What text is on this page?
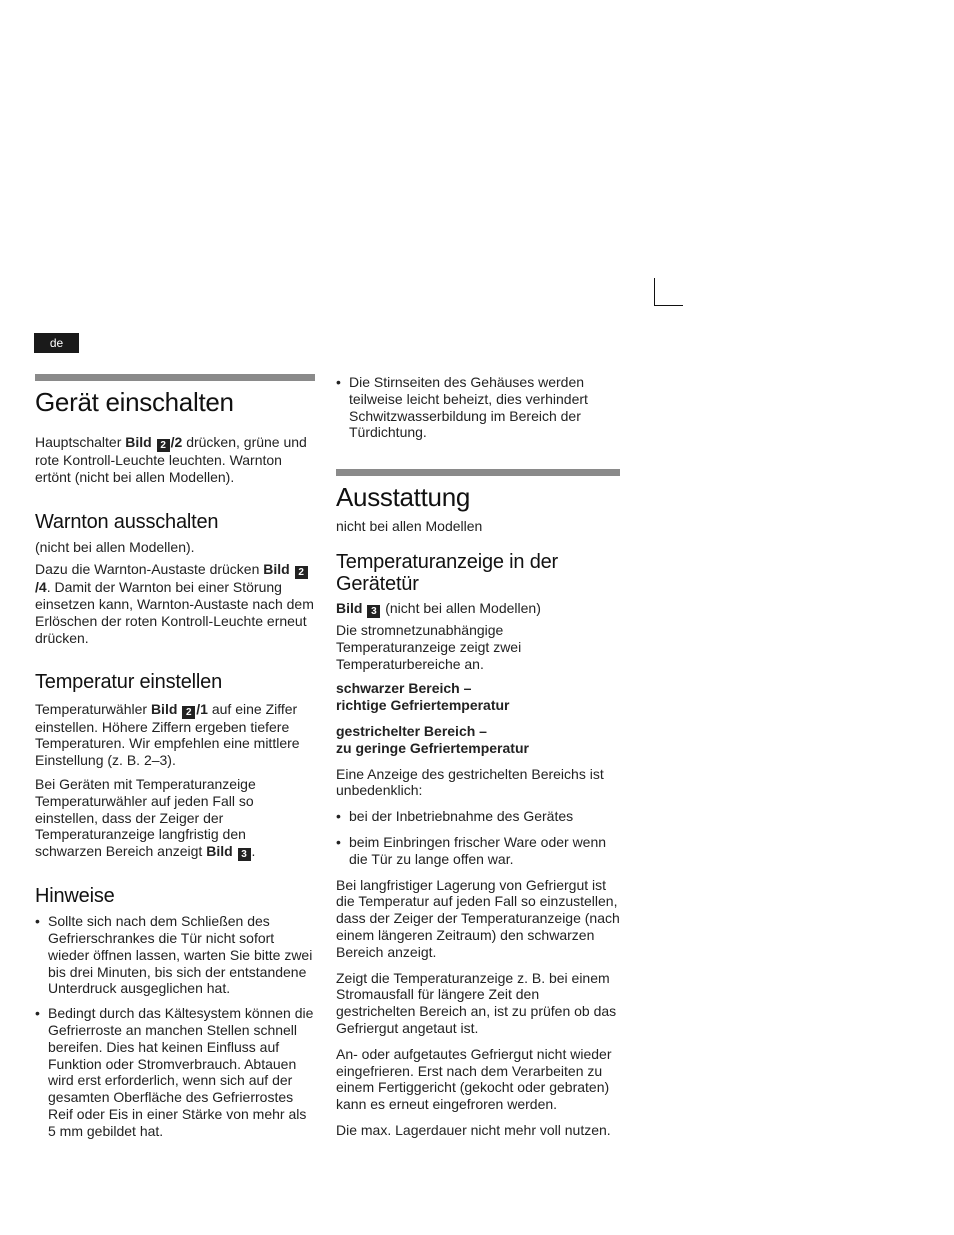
de
Gerät einschalten

Hauptschalter Bild 2 /2 drücken, grüne und rote Kontroll-Leuchte leuchten. Warnton ertönt (nicht bei allen Modellen).

Warnton ausschalten

(nicht bei allen Modellen).

Dazu die Warnton-Austaste drücken Bild 2/4. Damit der Warnton bei einer Störung einsetzen kann, Warnton-Austaste nach dem Erlöschen der roten Kontroll-Leuchte erneut drücken.

Temperatur einstellen

Temperaturwähler Bild 2 /1 auf eine Ziffer einstellen. Höhere Ziffern ergeben tiefere Temperaturen. Wir empfehlen eine mittlere Einstellung (z. B. 2–3).

Bei Geräten mit Temperaturanzeige Temperaturwähler auf jeden Fall so einstellen, dass der Zeiger der Temperaturanzeige langfristig den schwarzen Bereich anzeigt Bild 3 .

Hinweise
• Sollte sich nach dem Schließen des Gefrierschrankes die Tür nicht sofort wieder öffnen lassen, warten Sie bitte zwei bis drei Minuten, bis sich der entstandene Unterdruck ausgeglichen hat.
• Bedingt durch das Kältesystem können die Gefrierroste an manchen Stellen schnell bereifen. Dies hat keinen Einfluss auf Funktion oder Stromverbrauch. Abtauen wird erst erforderlich, wenn sich auf der gesamten Oberfläche des Gefrierrostes Reif oder Eis in einer Stärke von mehr als 5 mm gebildet hat.
• Die Stirnseiten des Gehäuses werden teilweise leicht beheizt, dies verhindert Schwitzwasserbildung im Bereich der Türdichtung.
Ausstattung

nicht bei allen Modellen

Temperaturanzeige in der Gerätetür

Bild 3 (nicht bei allen Modellen)

Die stromnetzunabhängige Temperaturanzeige zeigt zwei Temperaturbereiche an.

schwarzer Bereich –
richtige Gefriertemperatur

gestrichelter Bereich –
zu geringe Gefriertemperatur

Eine Anzeige des gestrichelten Bereichs ist unbedenklich:

• bei der Inbetriebnahme des Gerätes
• beim Einbringen frischer Ware oder wenn die Tür zu lange offen war.

Bei langfristiger Lagerung von Gefriergut ist die Temperatur auf jeden Fall so einzustellen, dass der Zeiger der Temperaturanzeige (nach einem längeren Zeitraum) den schwarzen Bereich anzeigt.

Zeigt die Temperaturanzeige z. B. bei einem Stromausfall für längere Zeit den gestrichelten Bereich an, ist zu prüfen ob das Gefriergut angetaut ist.

An- oder aufgetautes Gefriergut nicht wieder eingefrieren. Erst nach dem Verarbeiten zu einem Fertiggericht (gekocht oder gebraten) kann es erneut eingefroren werden.

Die max. Lagerdauer nicht mehr voll nutzen.
